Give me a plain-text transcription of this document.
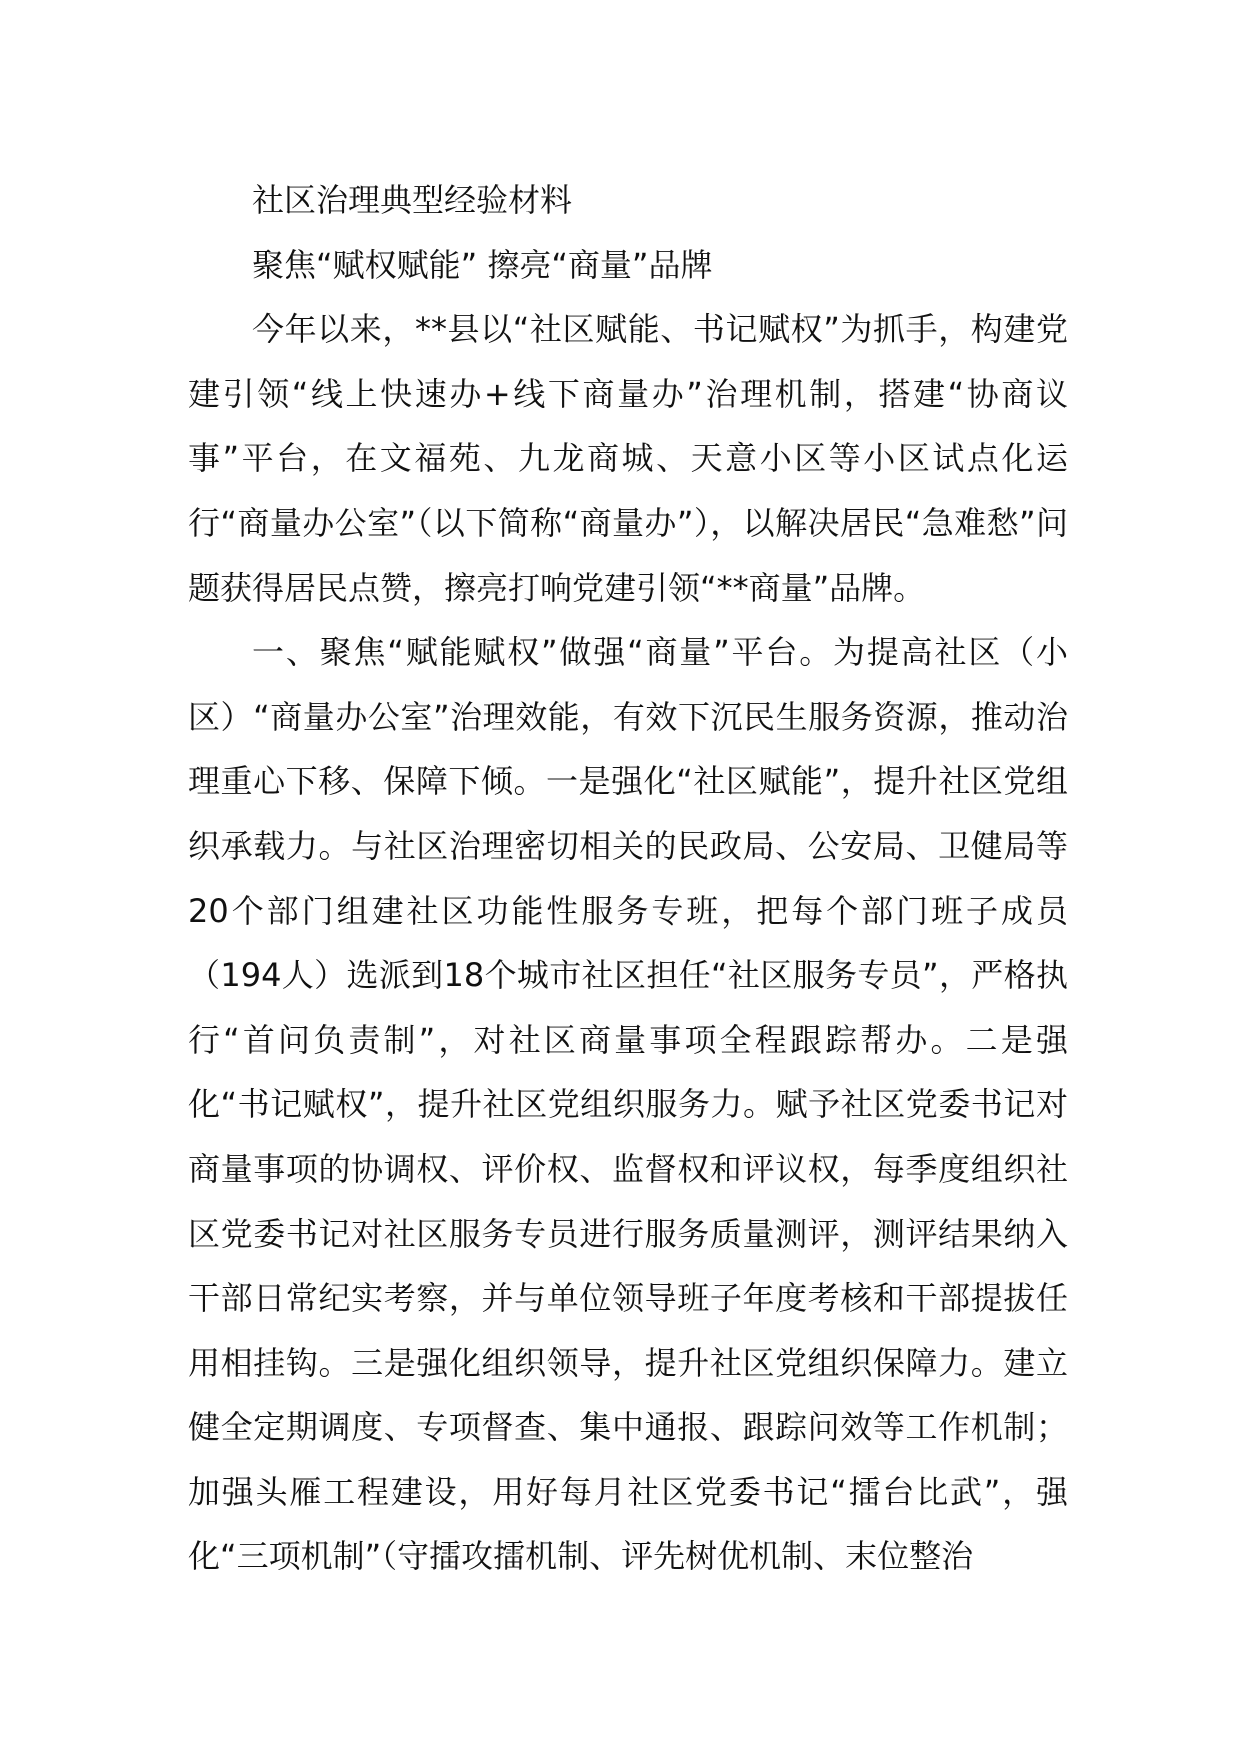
社区治理典型经验材料
聚焦“赋权赋能” 擦亮“商量”品牌

今年以来，**县以“社区赋能、书记赋权”为抓手，构建党建引领“线上快速办+线下商量办”治理机制，搭建“协商议事”平台，在文福苑、九龙商城、天意小区等小区试点化运行“商量办公室”（以下简称“商量办”），以解决居民“急难愁”问题获得居民点赞，擦亮打响党建引领“**商量”品牌。

一、聚焦“赋能赋权”做强“商量”平台。为提高社区（小区）“商量办公室”治理效能，有效下沉民生服务资源，推动治理重心下移、保障下倾。一是强化“社区赋能”，提升社区党组织承载力。与社区治理密切相关的民政局、公安局、卫健局等20个部门组建社区功能性服务专班，把每个部门班子成员（194人）选派到18个城市社区担任“社区服务专员”，严格执行“首问负责制”，对社区商量事项全程跟踪帮办。二是强化“书记赋权”，提升社区党组织服务力。赋予社区党委书记对商量事项的协调权、评价权、监督权和评议权，每季度组织社区党委书记对社区服务专员进行服务质量测评，测评结果纳入干部日常纪实考察，并与单位领导班子年度考核和干部提拔任用相挂钩。三是强化组织领导，提升社区党组织保障力。建立健全定期调度、专项督查、集中通报、跟踪问效等工作机制；加强头雁工程建设，用好每月社区党委书记“擂台比武”，强化“三项机制”（守擂攻擂机制、评先树优机制、末位整治
